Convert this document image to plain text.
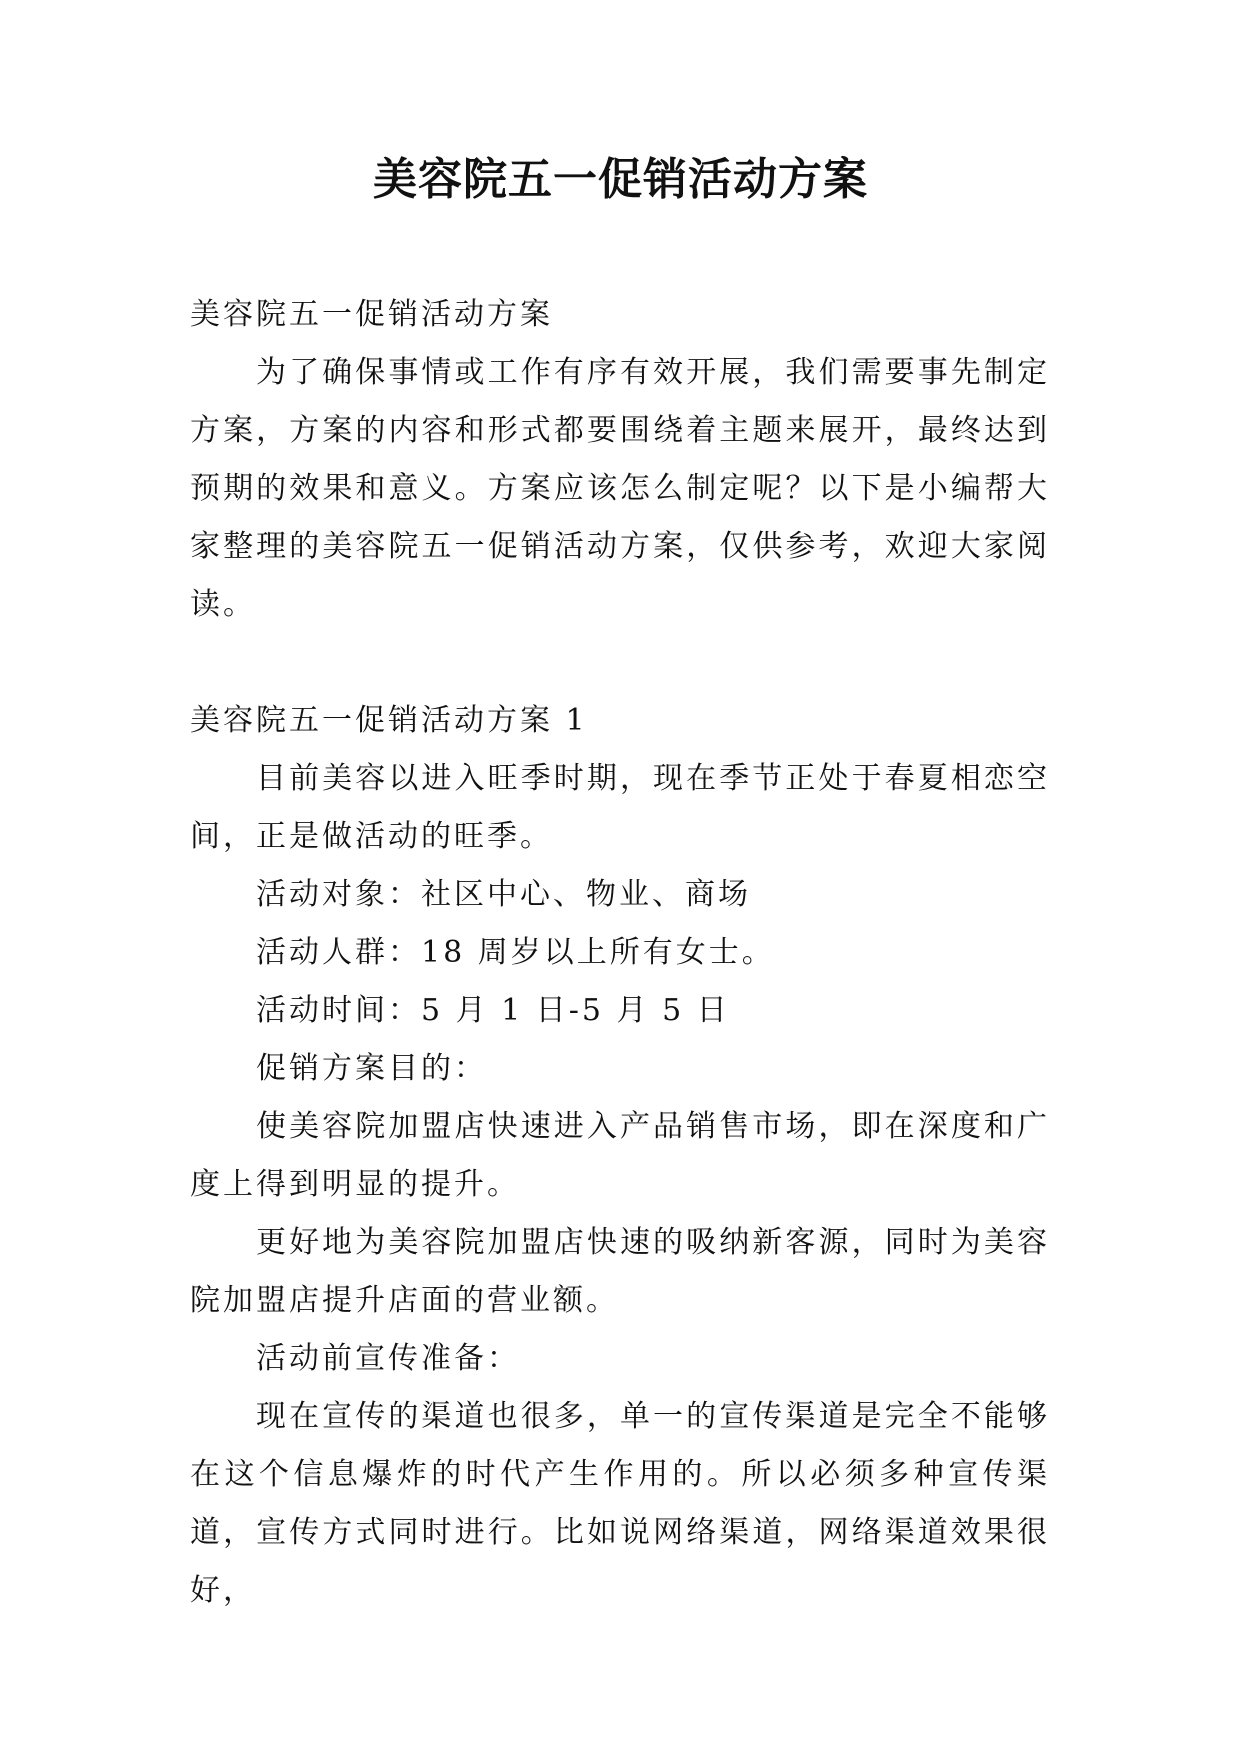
美容院五一促销活动方案

美容院五一促销活动方案

为了确保事情或工作有序有效开展，我们需要事先制定方案，方案的内容和形式都要围绕着主题来展开，最终达到预期的效果和意义。方案应该怎么制定呢？以下是小编帮大家整理的美容院五一促销活动方案，仅供参考，欢迎大家阅读。

美容院五一促销活动方案 1

目前美容以进入旺季时期，现在季节正处于春夏相恋空间，正是做活动的旺季。

活动对象：社区中心、物业、商场

活动人群：18 周岁以上所有女士。

活动时间：5 月 1 日-5 月 5 日

促销方案目的：

使美容院加盟店快速进入产品销售市场，即在深度和广度上得到明显的提升。

更好地为美容院加盟店快速的吸纳新客源，同时为美容院加盟店提升店面的营业额。

活动前宣传准备：

现在宣传的渠道也很多，单一的宣传渠道是完全不能够在这个信息爆炸的时代产生作用的。所以必须多种宣传渠道，宣传方式同时进行。比如说网络渠道，网络渠道效果很好，
